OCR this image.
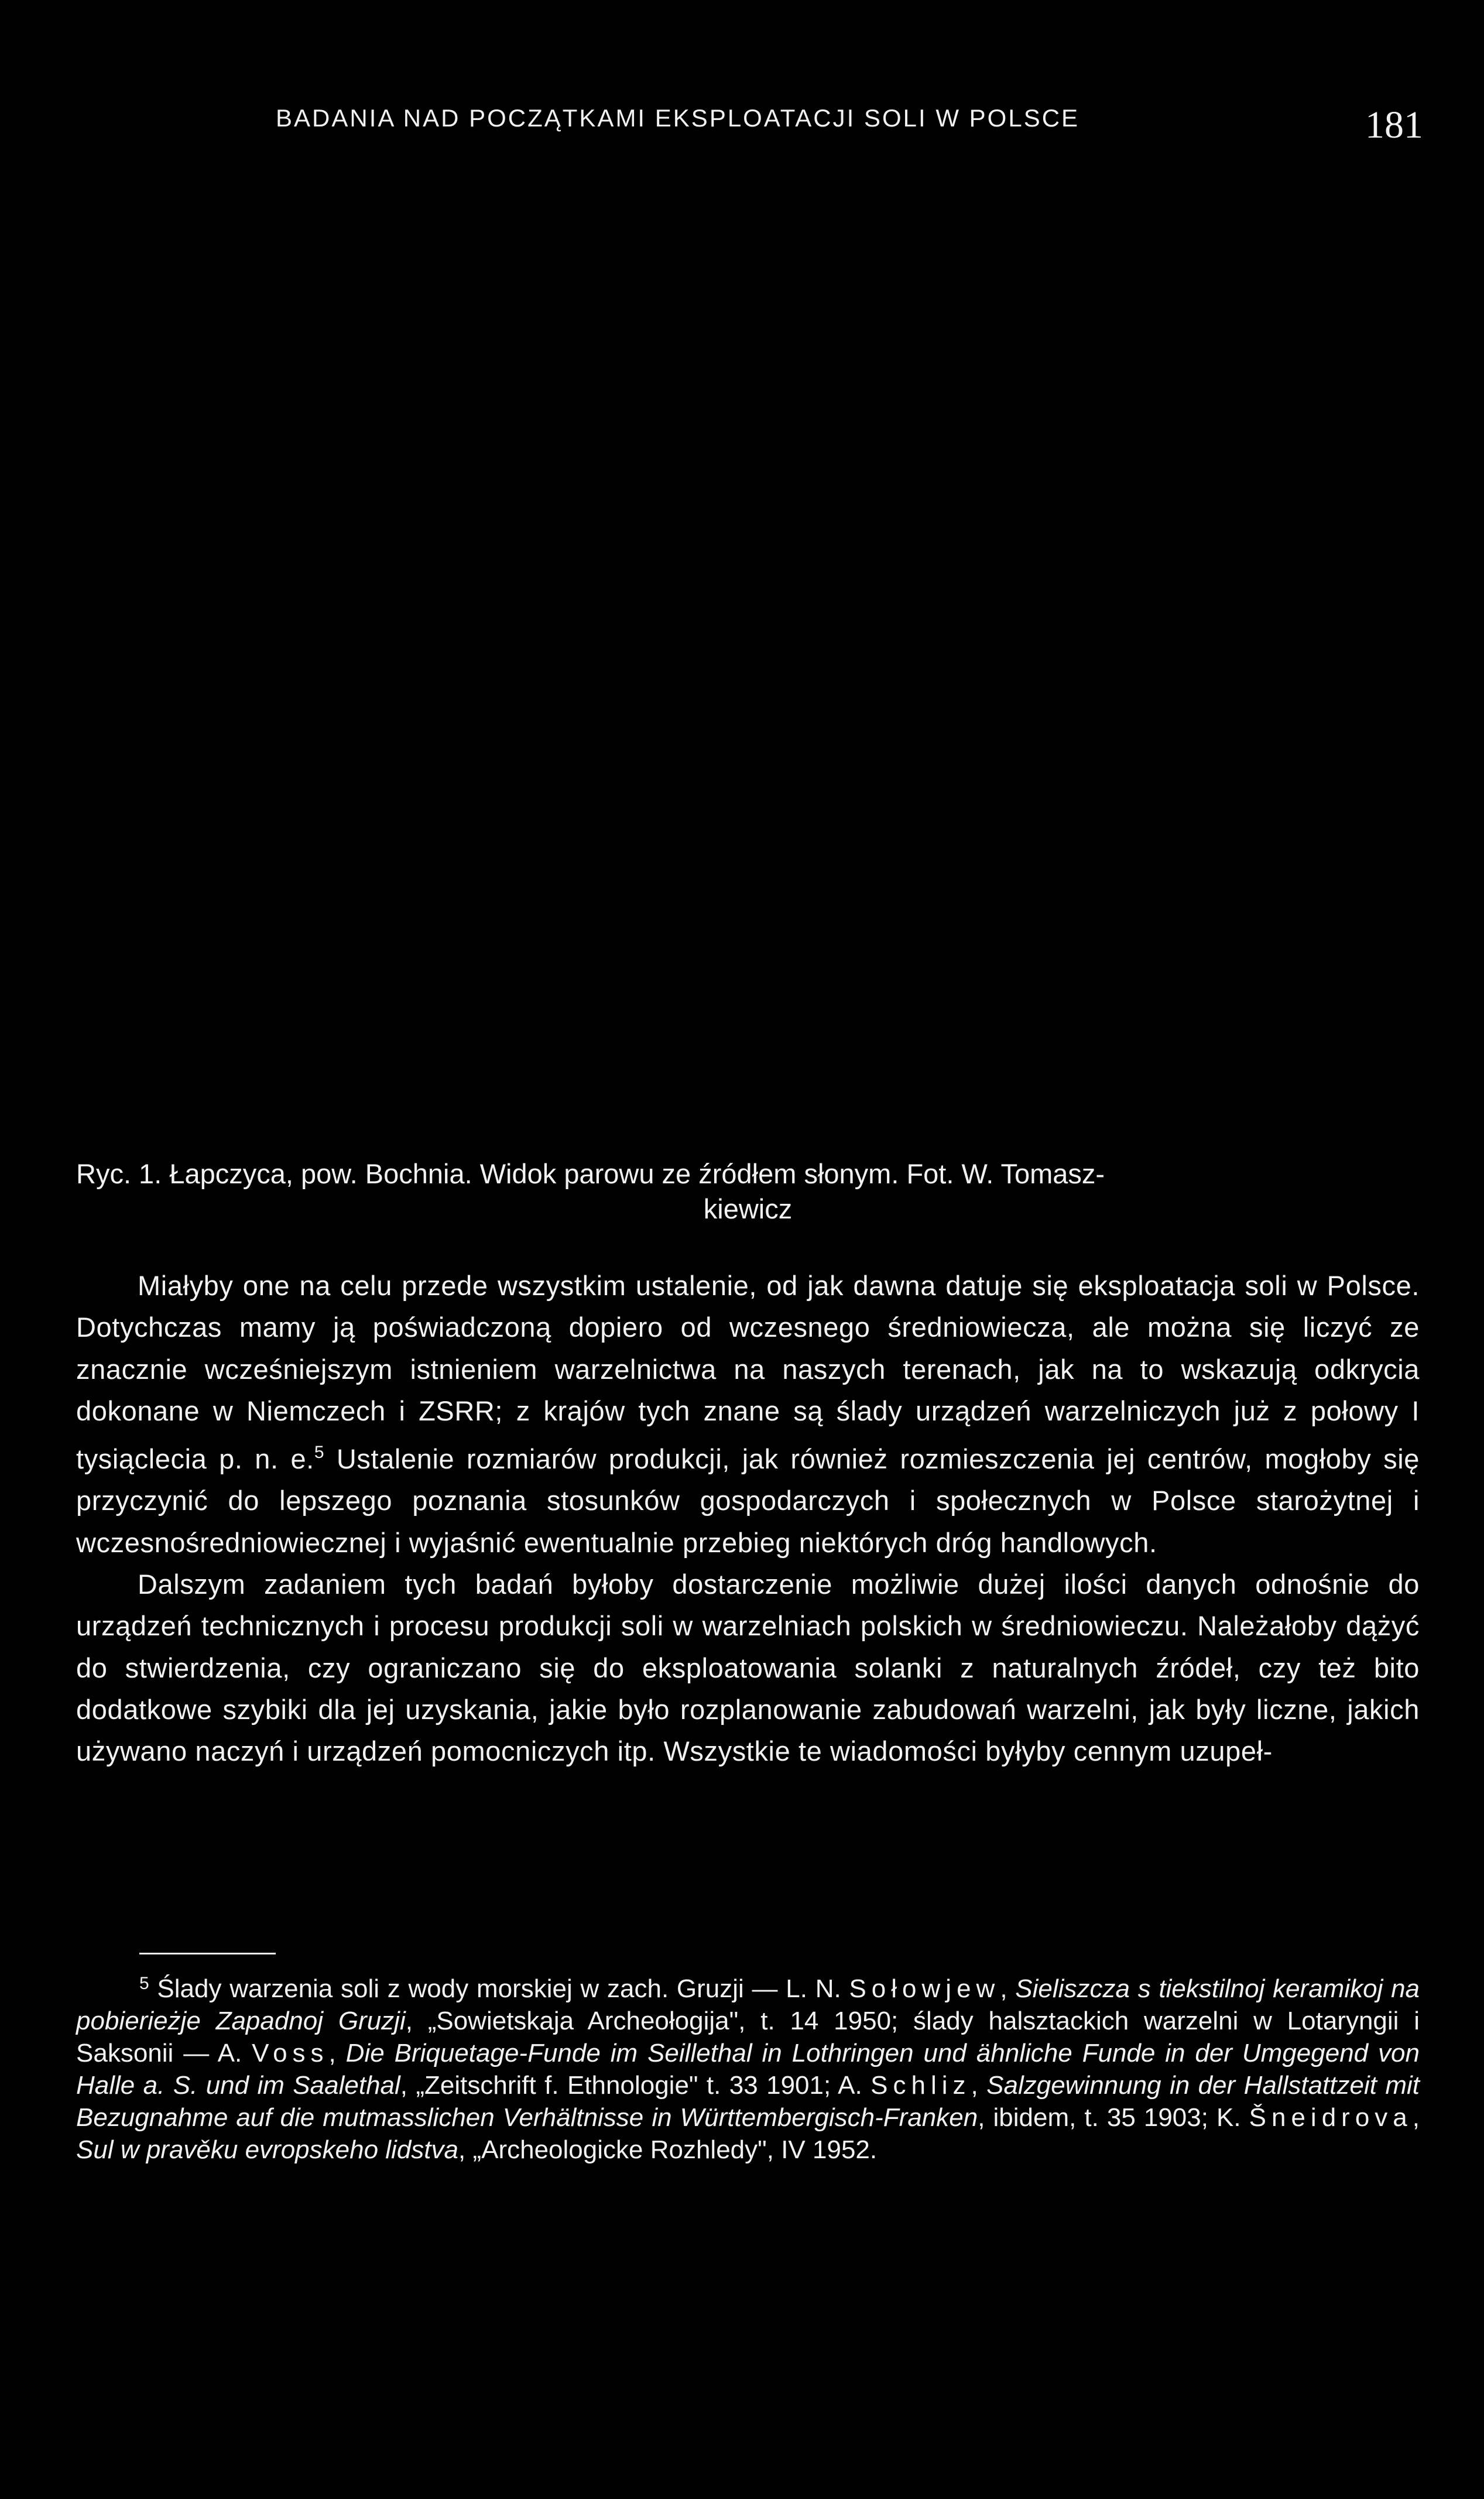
BADANIA NAD POCZĄTKAMI EKSPLOATACJI SOLI W POLSCE	181
Ryc. 1. Łapczyca, pow. Bochnia. Widok parowu ze źródłem słonym. Fot. W. Tomasz-
kiewicz

Miałyby one na celu przede wszystkim ustalenie, od jak dawna datuje się eksploatacja soli w Polsce. Dotychczas mamy ją poświadczoną dopiero od wczesnego średniowiecza, ale można się liczyć ze znacznie wcześniejszym istnieniem warzelnictwa na naszych terenach, jak na to wskazują odkrycia dokonane w Niemczech i ZSRR; z krajów tych znane są ślady urządzeń warzelniczych już z połowy I tysiąclecia p. n. e.$^5$ Ustalenie rozmiarów produkcji, jak również rozmieszczenia jej centrów, mogłoby się przyczynić do lepszego poznania stosunków gospodarczych i społecznych w Polsce starożytnej i wczesnośredniowiecznej i wyjaśnić ewentualnie przebieg niektórych dróg handlowych.

Dalszym zadaniem tych badań byłoby dostarczenie możliwie dużej ilości danych odnośnie do urządzeń technicznych i procesu produkcji soli w warzelniach polskich w średniowieczu. Należałoby dążyć do stwierdzenia, czy ograniczano się do eksploatowania solanki z naturalnych źródeł, czy też bito dodatkowe szybiki dla jej uzyskania, jakie było rozplanowanie zabudowań warzelni, jak były liczne, jakich używano naczyń i urządzeń pomocniczych itp. Wszystkie te wiadomości byłyby cennym uzupeł-

$^5$ Ślady warzenia soli z wody morskiej w zach. Gruzji — L. N. Sołowjew, Sieliszcza s tiekstilnoj keramikoj na pobierieżje Zapadnoj Gruzji, „Sowietskaja Archeołogija", t. 14 1950; ślady halsztackich warzelni w Lotaryngii i Saksonii — A. Voss, Die Briquetage-Funde im Seillethal in Lothringen und ähnliche Funde in der Umgegend von Halle a. S. und im Saalethal, „Zeitschrift f. Ethnologie" t. 33 1901; A. Schliz, Salzgewinnung in der Hallstattzeit mit Bezugnahme auf die mutmasslichen Verhältnisse in Württembergisch-Franken, ibidem, t. 35 1903; K. Šneidrova, Sul w pravěku evropskeho lidstva, „Archeologicke Rozhledy", IV 1952.
